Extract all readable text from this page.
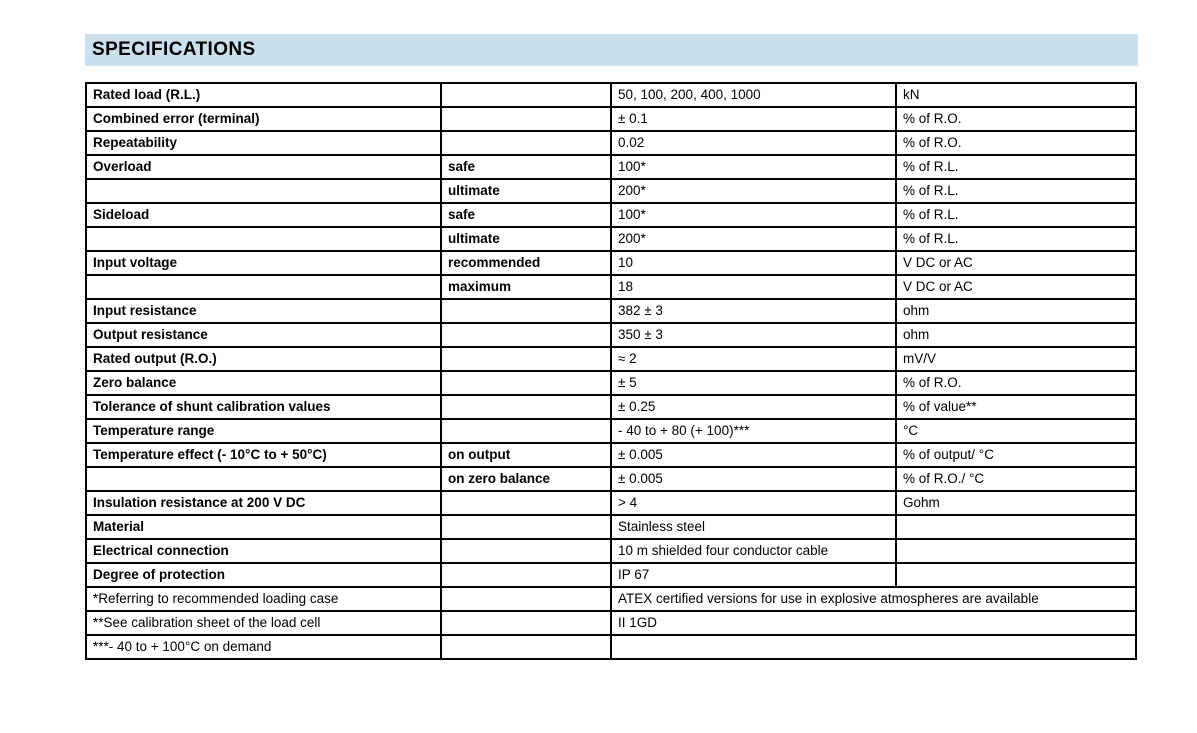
SPECIFICATIONS
Rated load (R.L.)		50, 100, 200, 400, 1000	kN
Combined error (terminal)		± 0.1	% of R.O.
Repeatability		0.02	% of R.O.
Overload	safe	100*	% of R.L.
	ultimate	200*	% of R.L.
Sideload	safe	100*	% of R.L.
	ultimate	200*	% of R.L.
Input voltage	recommended	10	V DC or AC
	maximum	18	V DC or AC
Input resistance		382 ± 3	ohm
Output resistance		350 ± 3	ohm
Rated output (R.O.)		≈ 2	mV/V
Zero balance		± 5	% of R.O.
Tolerance of shunt calibration values		± 0.25	% of value**
Temperature range		- 40 to + 80 (+ 100)***	°C
Temperature effect (- 10°C to + 50°C)	on output	± 0.005	% of output/ °C
	on zero balance	± 0.005	% of R.O./ °C
Insulation resistance at 200 V DC		> 4	Gohm
Material		Stainless steel	
Electrical connection		10 m shielded four conductor cable	
Degree of protection		IP 67	
*Referring to recommended loading case		ATEX certified versions for use in explosive atmospheres are available	
**See calibration sheet of the load cell		II 1GD	
***- 40 to + 100°C on demand			
